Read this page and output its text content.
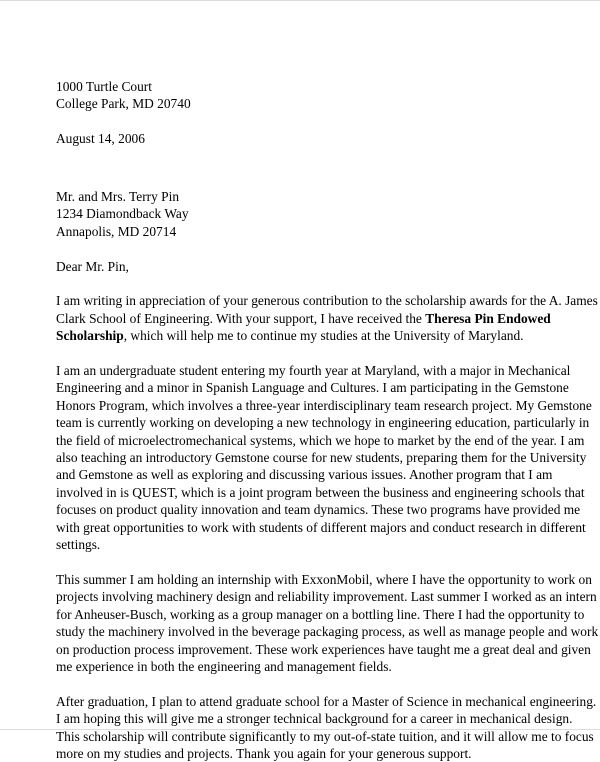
1000 Turtle Court
College Park, MD 20740
August 14, 2006
Mr. and Mrs. Terry Pin
1234 Diamondback Way
Annapolis, MD 20714
Dear Mr. Pin,
I am writing in appreciation of your generous contribution to the scholarship awards for the A. James
Clark School of Engineering. With your support, I have received the Theresa Pin Endowed
Scholarship, which will help me to continue my studies at the University of Maryland.
I am an undergraduate student entering my fourth year at Maryland, with a major in Mechanical
Engineering and a minor in Spanish Language and Cultures. I am participating in the Gemstone
Honors Program, which involves a three-year interdisciplinary team research project. My Gemstone
team is currently working on developing a new technology in engineering education, particularly in
the field of microelectromechanical systems, which we hope to market by the end of the year. I am
also teaching an introductory Gemstone course for new students, preparing them for the University
and Gemstone as well as exploring and discussing various issues. Another program that I am
involved in is QUEST, which is a joint program between the business and engineering schools that
focuses on product quality innovation and team dynamics. These two programs have provided me
with great opportunities to work with students of different majors and conduct research in different
settings.
This summer I am holding an internship with ExxonMobil, where I have the opportunity to work on
projects involving machinery design and reliability improvement. Last summer I worked as an intern
for Anheuser-Busch, working as a group manager on a bottling line. There I had the opportunity to
study the machinery involved in the beverage packaging process, as well as manage people and work
on production process improvement. These work experiences have taught me a great deal and given
me experience in both the engineering and management fields.
After graduation, I plan to attend graduate school for a Master of Science in mechanical engineering.
I am hoping this will give me a stronger technical background for a career in mechanical design.
This scholarship will contribute significantly to my out-of-state tuition, and it will allow me to focus
more on my studies and projects. Thank you again for your generous support.
